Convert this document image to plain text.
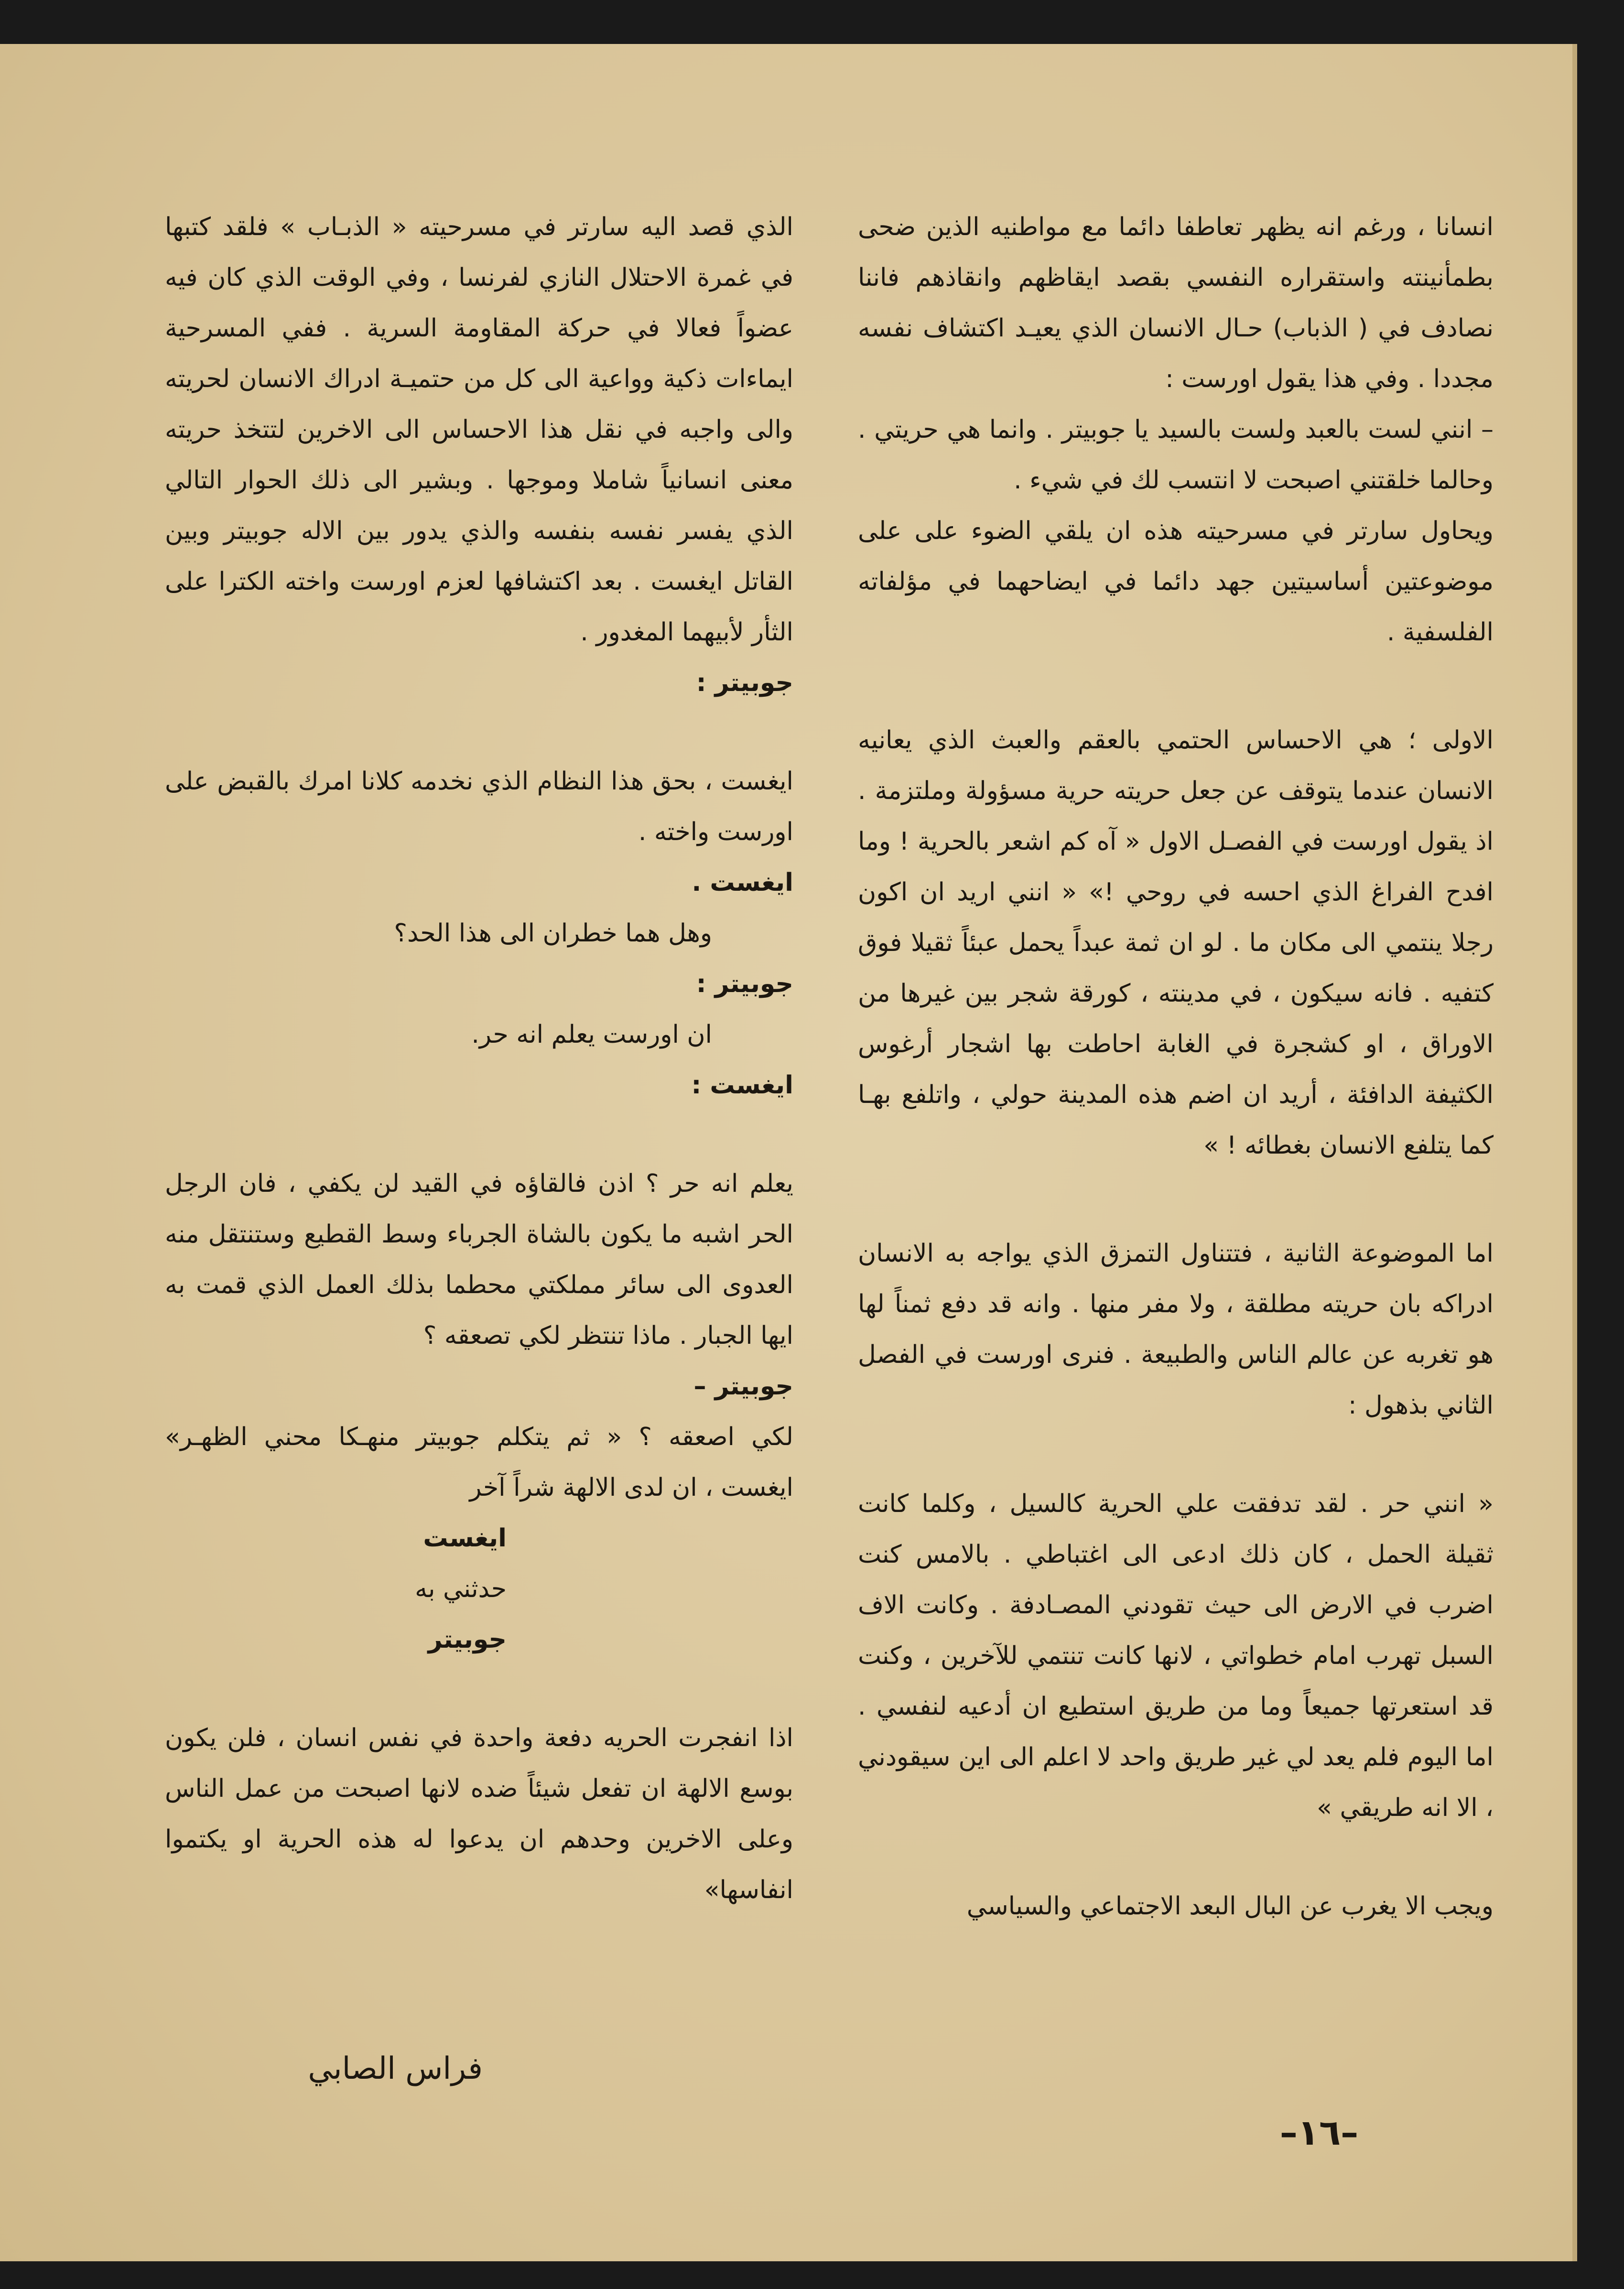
انسانا ، ورغم انه يظهر تعاطفا دائما مع مواطنيه الذين ضحى بطمأنينته واستقراره النفسي بقصد ايقاظهم وانقاذهم فاننا نصادف في ( الذباب) حـال الانسان الذي يعيـد اكتشاف نفسه مجددا . وفي هذا يقول اورست :

– انني لست بالعبد ولست بالسيد يا جوبيتر . وانما هي حريتي . وحالما خلقتني اصبحت لا انتسب لك في شيء .

ويحاول سارتر في مسرحيته هذه ان يلقي الضوء على على موضوعتين أساسيتين جهد دائما في ايضاحهما في مؤلفاته الفلسفية .

الاولى ؛ هي الاحساس الحتمي بالعقم والعبث الذي يعانيه الانسان عندما يتوقف عن جعل حريته حرية مسؤولة وملتزمة . اذ يقول اورست في الفصـل الاول « آه كم اشعر بالحرية ! وما افدح الفراغ الذي احسه في روحي !» « انني اريد ان اكون رجلا ينتمي الى مكان ما . لو ان ثمة عبداً يحمل عبئاً ثقيلا فوق كتفيه . فانه سيكون ، في مدينته ، كورقة شجر بين غيرها من الاوراق ، او كشجرة في الغابة احاطت بها اشجار أرغوس الكثيفة الدافئة ، أريد ان اضم هذه المدينة حولي ، واتلفع بهـا كما يتلفع الانسان بغطائه ! »

اما الموضوعة الثانية ، فتتناول التمزق الذي يواجه به الانسان ادراكه بان حريته مطلقة ، ولا مفر منها . وانه قد دفع ثمناً لها هو تغربه عن عالم الناس والطبيعة . فنرى اورست في الفصل الثاني بذهول :

« انني حر . لقد تدفقت علي الحرية كالسيل ، وكلما كانت ثقيلة الحمل ، كان ذلك ادعى الى اغتباطي . بالامس كنت اضرب في الارض الى حيث تقودني المصـادفة . وكانت الاف السبل تهرب امام خطواتي ، لانها كانت تنتمي للآخرين ، وكنت قد استعرتها جميعاً وما من طريق استطيع ان أدعيه لنفسي . اما اليوم فلم يعد لي غير طريق واحد لا اعلم الى اين سيقودني ، الا انه طريقي »

ويجب الا يغرب عن البال البعد الاجتماعي والسياسي

الذي قصد اليه سارتر في مسرحيته « الذبـاب » فلقد كتبها في غمرة الاحتلال النازي لفرنسا ، وفي الوقت الذي كان فيه عضواً فعالا في حركة المقاومة السرية . ففي المسرحية ايماءات ذكية وواعية الى كل من حتميـة ادراك الانسان لحريته والى واجبه في نقل هذا الاحساس الى الاخرين لتتخذ حريته معنى انسانياً شاملا وموجها . وبشير الى ذلك الحوار التالي الذي يفسر نفسه بنفسه والذي يدور بين الاله جوبيتر وبين القاتل ايغست . بعد اكتشافها لعزم اورست واخته الكترا على الثأر لأبيهما المغدور .

جوبيتر :

ايغست ، بحق هذا النظام الذي نخدمه كلانا امرك بالقبض على اورست واخته .

ايغست .

وهل هما خطران الى هذا الحد؟

جوبيتر :

ان اورست يعلم انه حر.

ايغست :

يعلم انه حر ؟ اذن فالقاؤه في القيد لن يكفي ، فان الرجل الحر اشبه ما يكون بالشاة الجرباء وسط القطيع وستنتقل منه العدوى الى سائر مملكتي محطما بذلك العمل الذي قمت به ايها الجبار . ماذا تنتظر لكي تصعقه ؟

جوبيتر –

لكي اصعقه ؟ « ثم يتكلم جوبيتر منهـكا محني الظهـر» ايغست ، ان لدى الالهة شراً آخر

ايغست

حدثني به

جوبيتر

اذا انفجرت الحريه دفعة واحدة في نفس انسان ، فلن يكون بوسع الالهة ان تفعل شيئاً ضده لانها اصبحت من عمل الناس وعلى الاخرين وحدهم ان يدعوا له هذه الحرية او يكتموا انفاسها»

فراس الصابي
–١٦–
